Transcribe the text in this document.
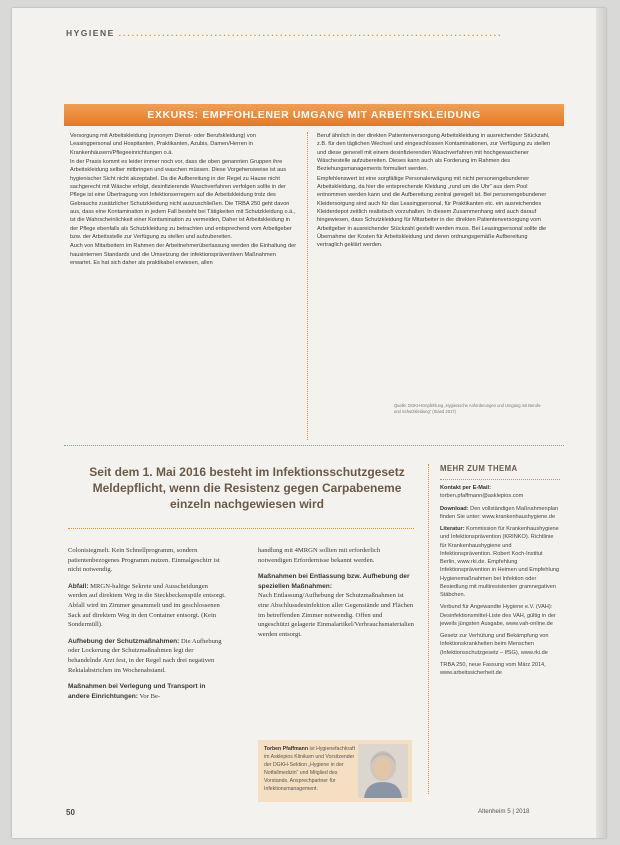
HYGIENE ........................................................................................
EXKURS: EMPFOHLENER UMGANG MIT ARBEITSKLEIDUNG

Versorgung mit Arbeitskleidung (synonym Dienst- oder Berufskleidung) von Leasingpersonal und Hospitanten, Praktikanten, Azubis, Damen/Herren in Krankenhäusern/Pflegeeinrichtungen o.ä.

In der Praxis kommt es leider immer noch vor, dass die oben genannten Gruppen ihre Arbeitskleidung selber mitbringen und waschen müssen. Diese Vorgehensweise ist aus hygienischer Sicht nicht akzeptabel. Da die Aufbereitung in der Regel zu Hause nicht sachgerecht mit Wäsche erfolgt, desinfizierende Waschverfahren verfolgen sollte in der Pflege ist eine Übertragung von Infektionserregern auf die Arbeitskleidung trotz des Gebrauchs zusätzlicher Schutzkleidung nicht auszuschließen. Die TRBA 250 geht davon aus, dass eine Kontamination in jedem Fall besteht bei Tätigkeiten mit Schutzkleidung o.ä., ist die Wahrscheinlichkeit einer Kontamination zu vermeiden, Daher ist Arbeitskleidung in der Pflege ebenfalls als Schutzkleidung zu betrachten und entsprechend vom Arbeitgeber bzw. der Arbeitsstelle zur Verfügung zu stellen und aufzubereiten.

Auch von Mitarbeitern im Rahmen der Arbeitnehmerüberlassung werden die Einhaltung der hausinternen Standards und die Umsetzung der infektionspräventiven Maßnahmen erwartet. Es hat sich daher als praktikabel erwiesen, allen

Beruf ähnlich in der direkten Patientenversorgung Arbeitskleidung in ausreichender Stückzahl, z.B. für den täglichen Wechsel und eingeschlossen Kontaminationen, zur Verfügung zu stellen und diese generell mit einem desinfizierenden Waschverfahren mit hochgewaschener Wäschestelle aufzubereiten. Dieses kann auch als Forderung im Rahmen des Beziehungsmanagements formuliert werden.

Empfehlenswert ist eine sorgfältige Personalerwägung mit nicht personengebundener Arbeitskleidung, da hier die entsprechende Kleidung „rund um die Uhr“ aus dem Pool entnommen werden kann und die Aufbereitung zentral geregelt ist. Bei personengebundener Kleidersorgung sind auch für das Leasingpersonal, für Praktikanten etc. ein ausreichendes Kleiderdepot zeitlich realistisch vorzuhalten. In diesem Zusammenhang wird auch darauf hingewiesen, dass Schutzkleidung für Mitarbeiter in der direkten Patientenversorgung vom Arbeitgeber in ausreichender Stückzahl gestellt werden muss. Bei Leasingpersonal sollte die Übernahme der Kosten für Arbeitskleidung und deren ordnungsgemäße Aufbereitung vertraglich geklärt werden.

Quelle: DGKH-Empfehlung „Hygienische Anforderungen und Umgang mit Berufs- und Schutzkleidung“ (Stand 2017)
Seit dem 1. Mai 2016 besteht im Infektionsschutzgesetz Meldepflicht, wenn die Resistenz gegen Carpabeneme einzeln nachgewiesen wird

Colonisiegmelt. Kein Schnellprogramm, sondern patientenbezogenes Programm nutzen. Einmalgeschirr ist nicht notwendig.

Abfall: MRGN-haltige Sekrete und Ausscheidungen werden auf direktem Weg in die Steckbeckenspüle entsorgt. Abfall wird im Zimmer gesammelt und im geschlossenen Sack auf direktem Weg in den Container entsorgt. (Kein Sondermüll).

Aufhebung der Schutzmaßnahmen: Die Aufhebung oder Lockerung der Schutzmaßnahmen legt der behandelnde Arzt fest, in der Regel nach drei negativen Rektalabstrichen im Wochenabstand.

Maßnahmen bei Verlegung und Transport in andere Einrichtungen: Vor Be-

handlung mit 4MRGN sollten mit erforderlich notwendigen Erfordernisse bekannt werden.

Maßnahmen bei Entlassung bzw. Aufhebung der speziellen Maßnahmen:
Nach Entlassung/Aufhebung der Schutzmaßnahmen ist eine Abschlussdesinfektion aller Gegenstände und Flächen im betreffenden Zimmer notwendig. Offen und ungeschützt gelagerte Einmalartikel/Verbrauchsmaterialien werden entsorgt.

Torben Pfaffmann ist Hygienefachkraft im Asklepios Klinikum und Vorsitzender der DGKH-Sektion „Hygiene in der Notfallmedizin“ und Mitglied des Vorstands. Ansprechpartner für Infektionsmanagement.
MEHR ZUM THEMA

Kontakt per E-Mail: torben.pfaffmann@asklepios.com

Download: Den vollständigen Maßnahmenplan finden Sie unter: www.krankenhaushygiene.de

Literatur: Kommission für Krankenhaushygiene und Infektionsprävention (KRINKO). Richtlinie für Krankenhaushygiene und Infektionsprävention. Robert Koch-Institut Berlin, www.rki.de. Empfehlung Infektionsprävention in Heimen und Empfehlung Hygienemaßnahmen bei Infektion oder Besiedlung mit multiresistenten gramnegativen Stäbchen.

Verbund für Angewandte Hygiene e.V. (VAH): Desinfektionsmittel-Liste des VAH, gültig in der jeweils jüngsten Ausgabe, www.vah-online.de

Gesetz zur Verhütung und Bekämpfung von Infektionskrankheiten beim Menschen (Infektionsschutzgesetz – IfSG), www.rki.de

TRBA 250, neue Fassung vom März 2014, www.arbeitssicherheit.de

50	Altenheim 5 | 2018
